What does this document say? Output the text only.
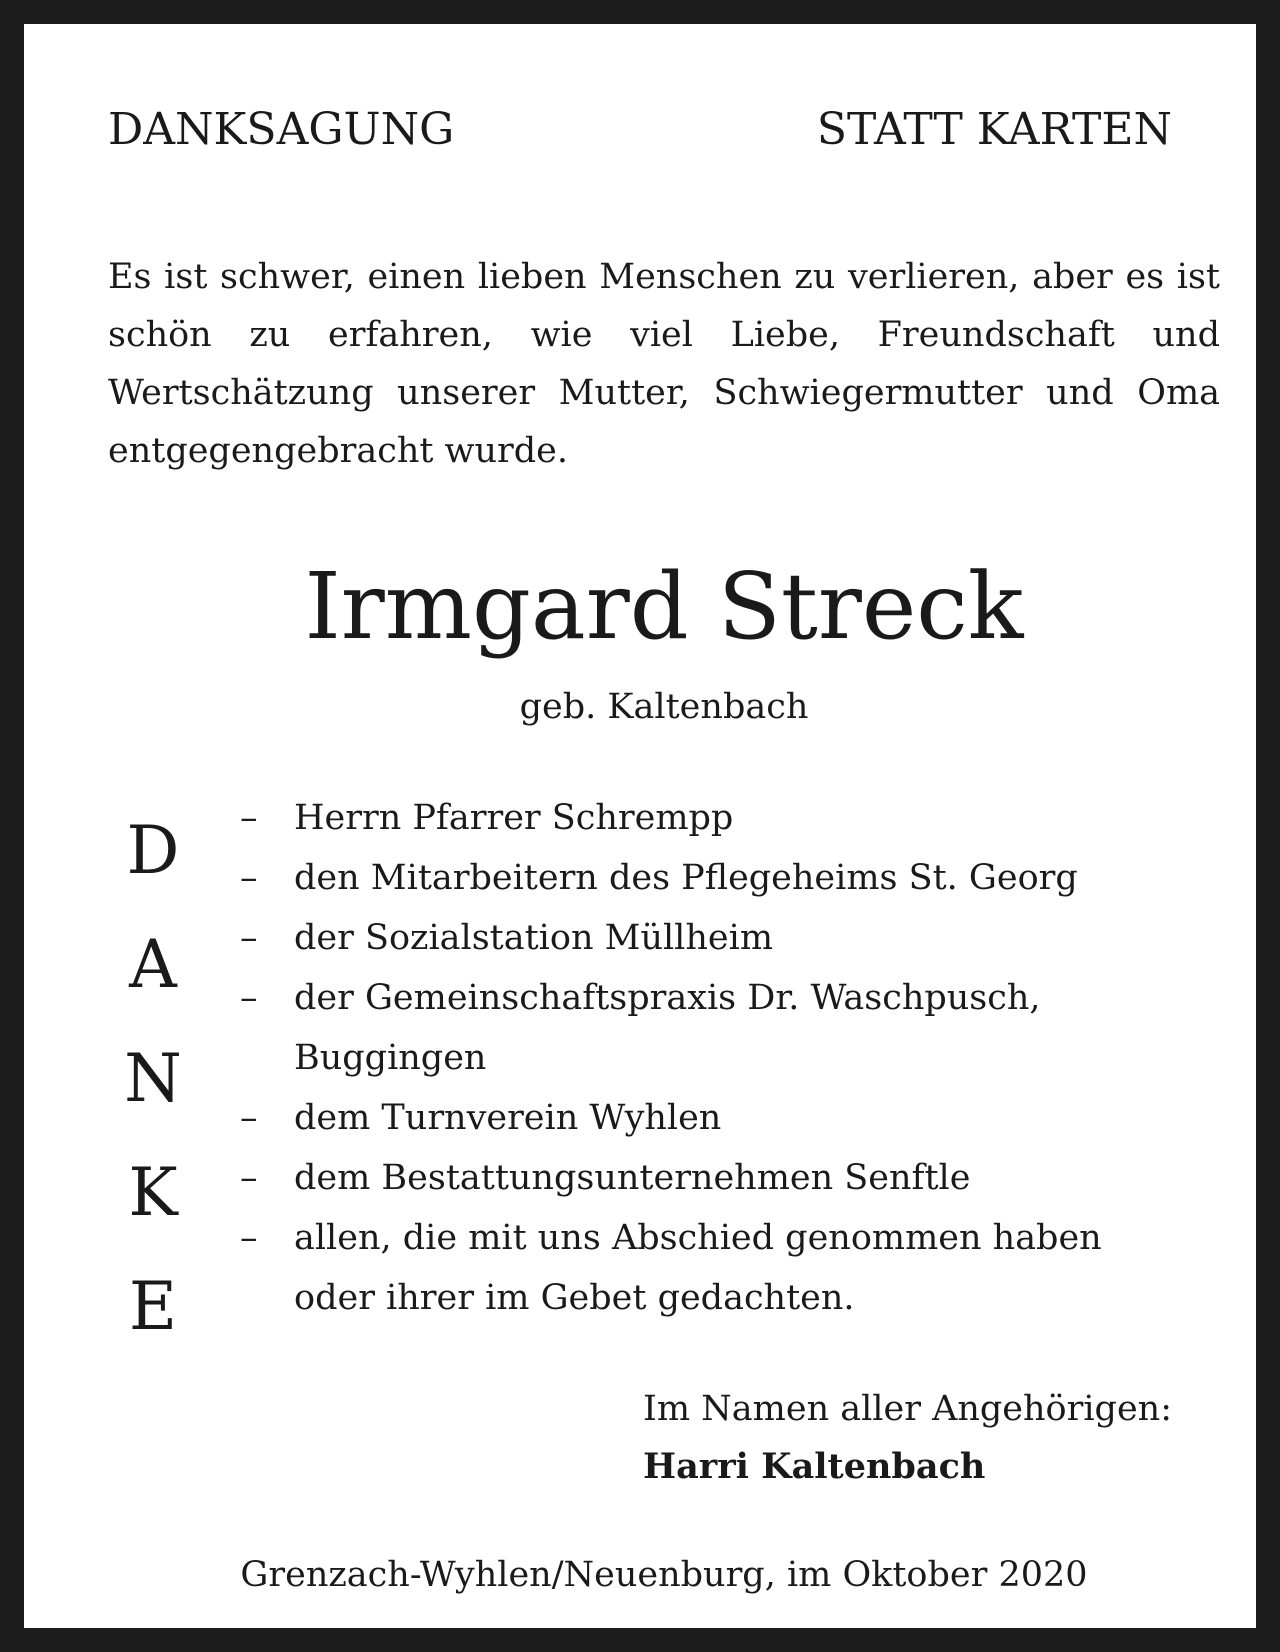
DANKSAGUNG	STATT KARTEN

Es ist schwer, einen lieben Menschen zu verlieren, aber es ist schön zu erfahren, wie viel Liebe, Freundschaft und Wertschätzung unserer Mutter, Schwiegermutter und Oma entgegengebracht wurde.

Irmgard Streck
geb. Kaltenbach
D
A
N
K
E
– Herrn Pfarrer Schrempp
– den Mitarbeitern des Pflegeheims St. Georg
– der Sozialstation Müllheim
– der Gemeinschaftspraxis Dr. Waschpusch,
Buggingen
– dem Turnverein Wyhlen
– dem Bestattungsunternehmen Senftle
– allen, die mit uns Abschied genommen haben
oder ihrer im Gebet gedachten.
Im Namen aller Angehörigen:
Harri Kaltenbach
Grenzach-Wyhlen/Neuenburg, im Oktober 2020
